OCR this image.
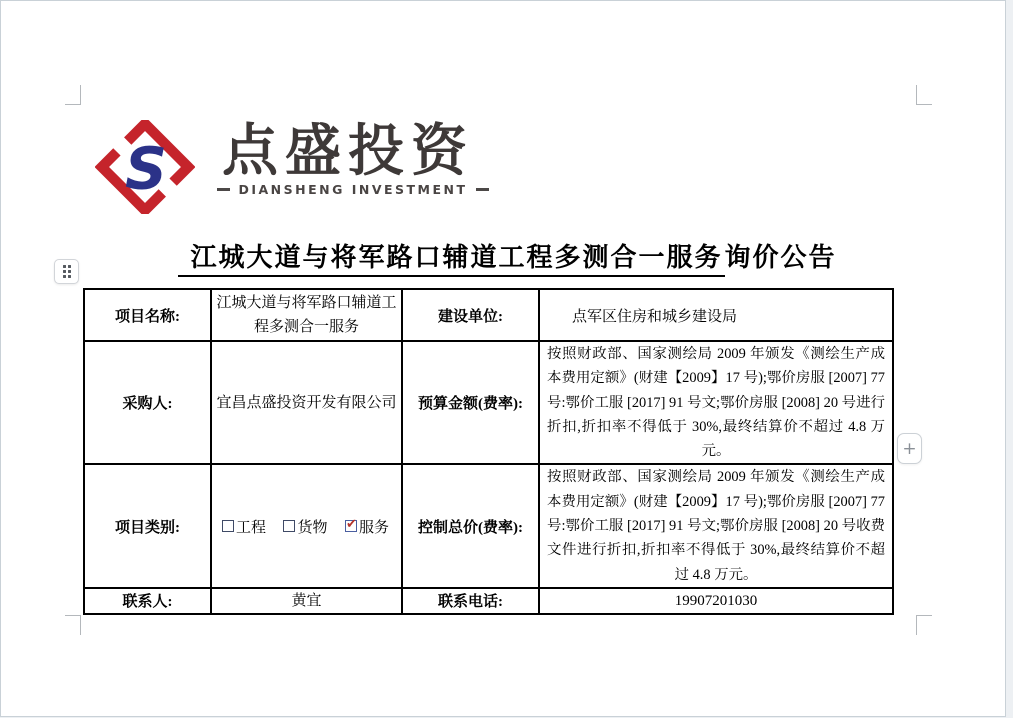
S 点盛投资
DIANSHENG INVESTMENT
江城大道与将军路口辅道工程多测合一服务询价公告
项目名称:	江城大道与将军路口辅道工程多测合一服务	建设单位:	点军区住房和城乡建设局
采购人:	宜昌点盛投资开发有限公司	预算金额(费率):	按照财政部、国家测绘局 2009 年颁发《测绘生产成本费用定额》(财建【2009】17 号);鄂价房服 [2007] 77 号:鄂价工服 [2017] 91 号文;鄂价房服 [2008] 20 号进行折扣,折扣率不得低于 30%,最终结算价不超过 4.8 万元。

项目类别:	工程 货物 ✔ 服务	控制总价(费率):	按照财政部、国家测绘局 2009 年颁发《测绘生产成本费用定额》(财建【2009】17 号);鄂价房服 [2007] 77 号:鄂价工服 [2017] 91 号文;鄂价房服 [2008] 20 号收费文件进行折扣,折扣率不得低于 30%,最终结算价不超过 4.8 万元。

联系人:	黄宜	联系电话:	19907201030
+
